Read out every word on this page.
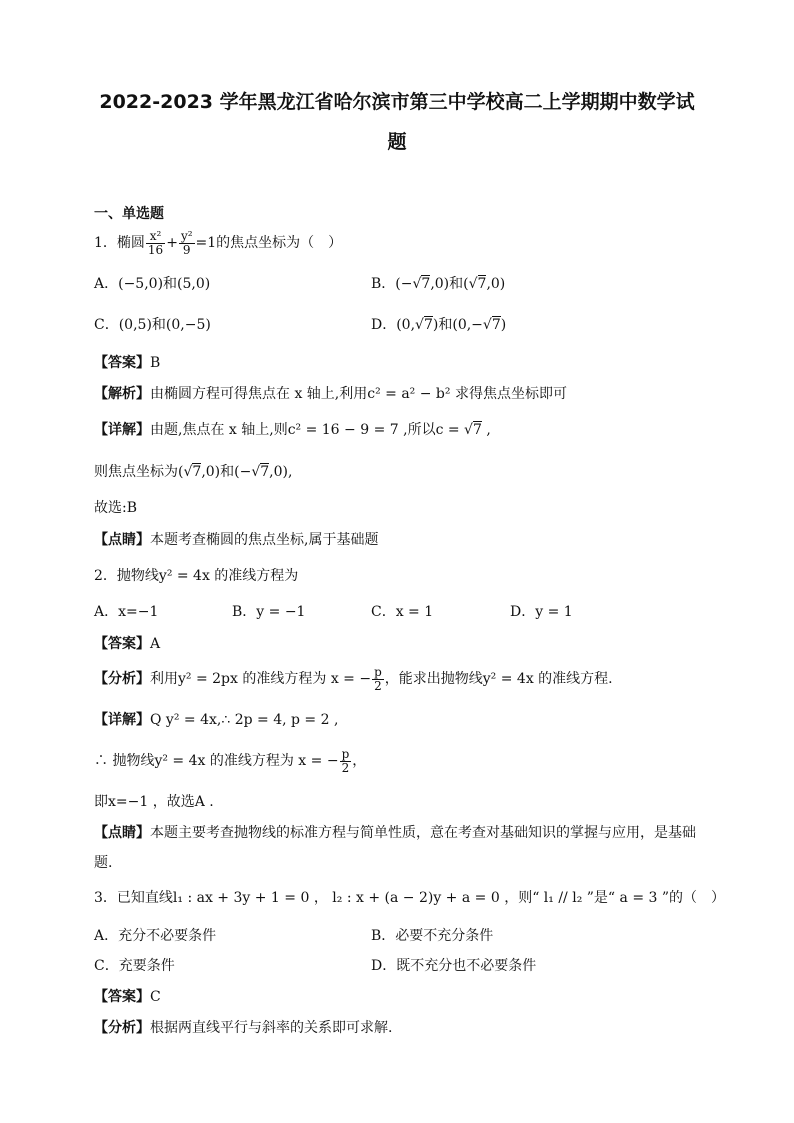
2022-2023 学年黑龙江省哈尔滨市第三中学校高二上学期期中数学试
题
一、单选题
1．椭圆 $\frac{\text{x²}}{16} + \frac{\text{y²}}{9} =1$的焦点坐标为（　）
A．(−5,0)和(5,0)	B．(−√7,0)和(√7,0)
C．(0,5)和(0,−5)	D．(0,√7)和(0,−√7)
【答案】B
【解析】由椭圆方程可得焦点在 x 轴上,利用c² = a² − b² 求得焦点坐标即可
【详解】由题,焦点在 x 轴上,则c² = 16 − 9 = 7 ,所以c = √7 ,
则焦点坐标为(√7,0)和(−√7,0),
故选:B
【点睛】本题考查椭圆的焦点坐标,属于基础题
2．抛物线y² = 4x 的准线方程为
A．x=−1	B．y = −1	C．x = 1	D．y = 1
【答案】A
【分析】利用y² = 2px 的准线方程为 x = − $\frac{p}{2}$ ，能求出抛物线y² = 4x 的准线方程.
【详解】Q y² = 4x,∴ 2p = 4, p = 2 ,
∴ 抛物线y² = 4x 的准线方程为 x = − $\frac{p}{2}$ ，
即x=−1 ，故选A .
【点睛】本题主要考查抛物线的标准方程与简单性质，意在考查对基础知识的掌握与应用，是基础题.
3．已知直线l₁ : ax + 3y + 1 = 0 ， l₂ : x + (a − 2)y + a = 0 ，则“ l₁ // l₂ ”是“ a = 3 ”的（　）
A．充分不必要条件	B．必要不充分条件
C．充要条件	D．既不充分也不必要条件
【答案】C
【分析】根据两直线平行与斜率的关系即可求解.
